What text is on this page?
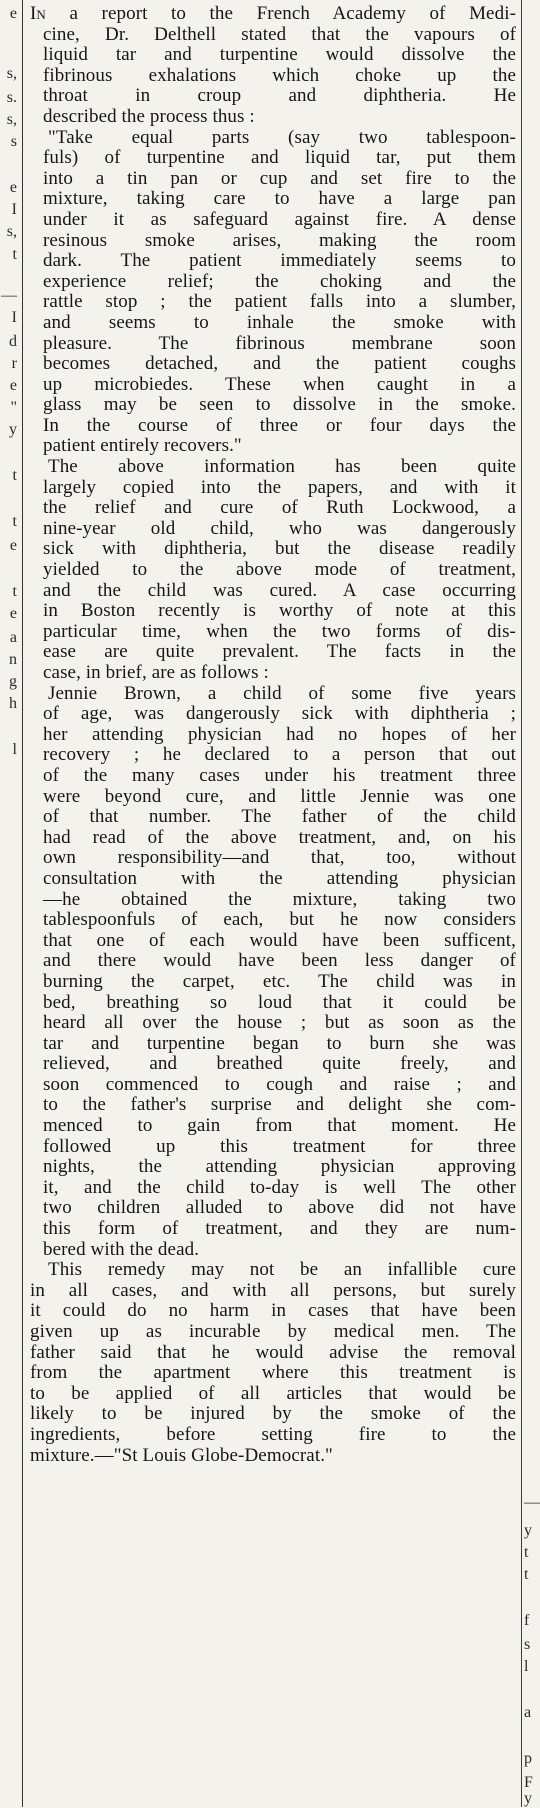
e
s,
s.
s,
s
e
I
s,
t
—
I
d
r
e
"
y
t
t
e
t
e
a
n
g
h
l
—
y
t
t
f
s
l
a
p
F
y
In a report to the French Academy of Medi-
cine, Dr. Delthell stated that the vapours of
liquid tar and turpentine would dissolve the
fibrinous exhalations which choke up the
throat in croup and diphtheria. He
described the process thus :
"Take equal parts (say two tablespoon-
fuls) of turpentine and liquid tar, put them
into a tin pan or cup and set fire to the
mixture, taking care to have a large pan
under it as safeguard against fire. A dense
resinous smoke arises, making the room
dark. The patient immediately seems to
experience relief; the choking and the
rattle stop ; the patient falls into a slumber,
and seems to inhale the smoke with
pleasure. The fibrinous membrane soon
becomes detached, and the patient coughs
up microbiedes. These when caught in a
glass may be seen to dissolve in the smoke.
In the course of three or four days the
patient entirely recovers."
The above information has been quite
largely copied into the papers, and with it
the relief and cure of Ruth Lockwood, a
nine-year old child, who was dangerously
sick with diphtheria, but the disease readily
yielded to the above mode of treatment,
and the child was cured. A case occurring
in Boston recently is worthy of note at this
particular time, when the two forms of dis-
ease are quite prevalent. The facts in the
case, in brief, are as follows :
Jennie Brown, a child of some five years
of age, was dangerously sick with diphtheria ;
her attending physician had no hopes of her
recovery ; he declared to a person that out
of the many cases under his treatment three
were beyond cure, and little Jennie was one
of that number. The father of the child
had read of the above treatment, and, on his
own responsibility—and that, too, without
consultation with the attending physician
—he obtained the mixture, taking two
tablespoonfuls of each, but he now considers
that one of each would have been sufficent,
and there would have been less danger of
burning the carpet, etc. The child was in
bed, breathing so loud that it could be
heard all over the house ; but as soon as the
tar and turpentine began to burn she was
relieved, and breathed quite freely, and
soon commenced to cough and raise ; and
to the father's surprise and delight she com-
menced to gain from that moment. He
followed up this treatment for three
nights, the attending physician approving
it, and the child to-day is well The other
two children alluded to above did not have
this form of treatment, and they are num-
bered with the dead.
This remedy may not be an infallible cure
in all cases, and with all persons, but surely
it could do no harm in cases that have been
given up as incurable by medical men. The
father said that he would advise the removal
from the apartment where this treatment is
to be applied of all articles that would be
likely to be injured by the smoke of the
ingredients, before setting fire to the
mixture.—"St Louis Globe-Democrat."
